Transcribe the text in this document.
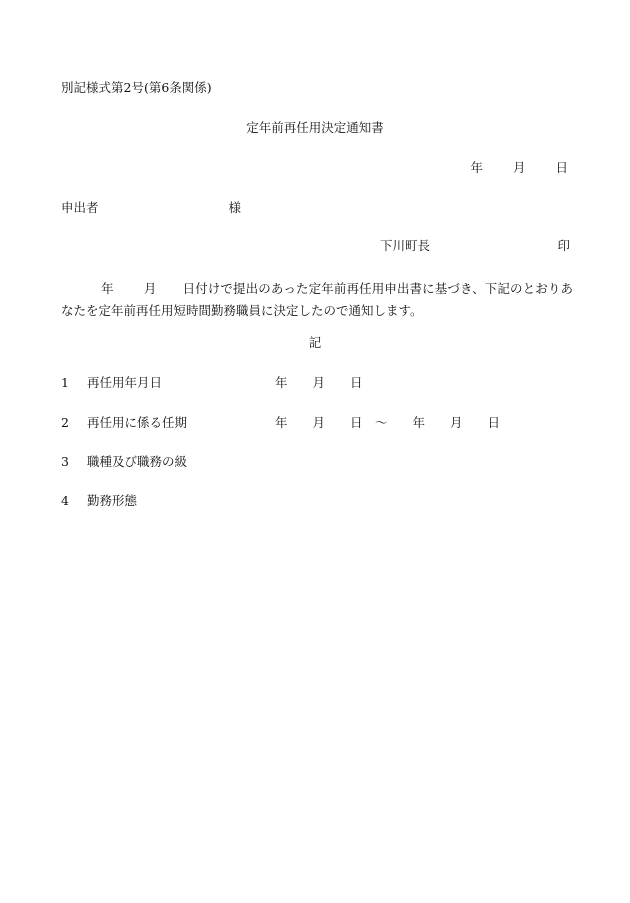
別記様式第2号(第6条関係)
定年前再任用決定通知書
年 月 日
申出者	様
下川町長	印
年 月 日付けで提出のあった定年前再任用申出書に基づき、下記のとおりあなたを定年前再任用短時間勤務職員に決定したので通知します。
記
1	再任用年月日	年　　月　　日
2	再任用に係る任期	年　　月　　日　～　　年　　月　　日
3	職種及び職務の級
4	勤務形態
